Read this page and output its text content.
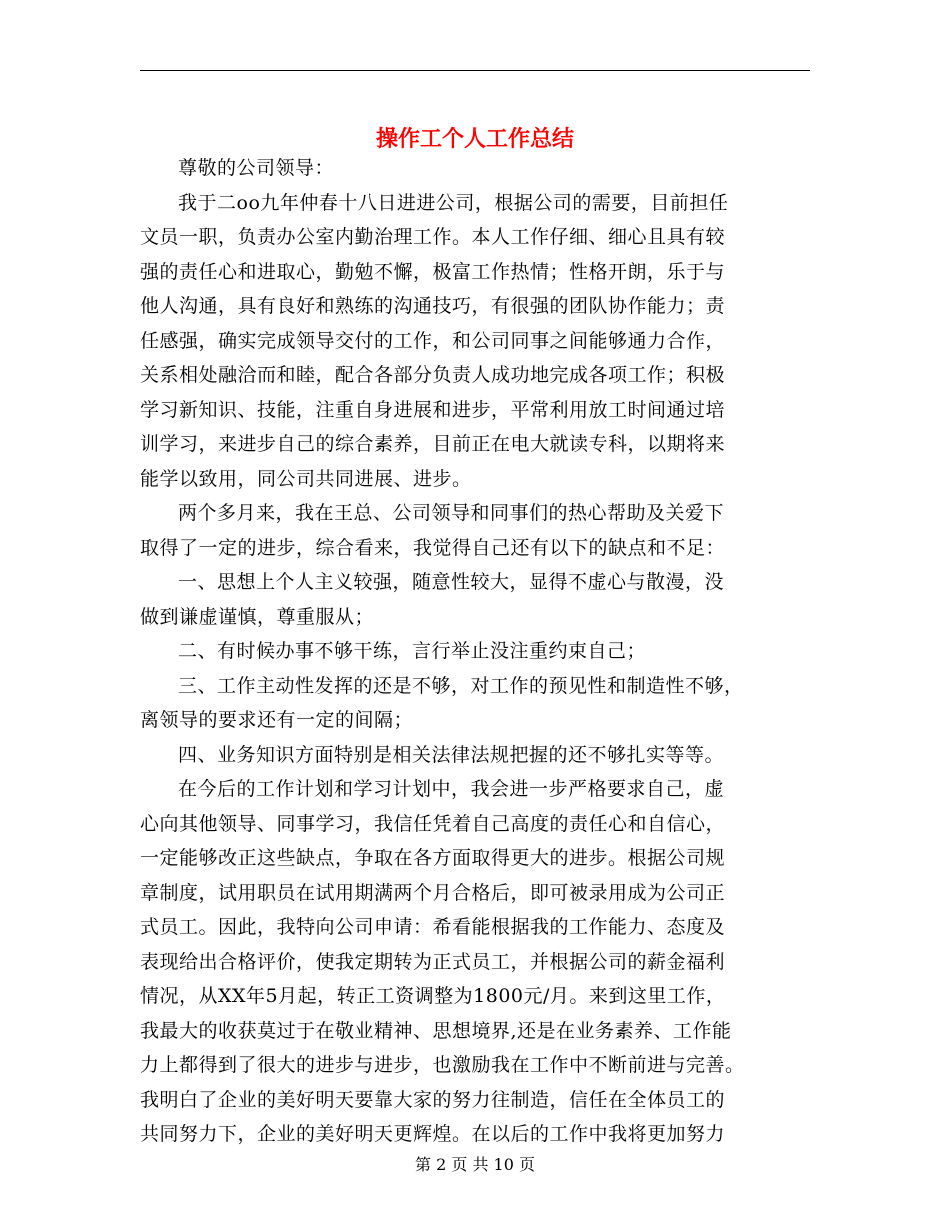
操作工个人工作总结

尊敬的公司领导：

我于二oo九年仲春十八日进进公司，根据公司的需要，目前担任
文员一职，负责办公室内勤治理工作。本人工作仔细、细心且具有较
强的责任心和进取心，勤勉不懈，极富工作热情；性格开朗，乐于与
他人沟通，具有良好和熟练的沟通技巧，有很强的团队协作能力；责
任感强，确实完成领导交付的工作，和公司同事之间能够通力合作，
关系相处融洽而和睦，配合各部分负责人成功地完成各项工作；积极
学习新知识、技能，注重自身进展和进步，平常利用放工时间通过培
训学习，来进步自己的综合素养，目前正在电大就读专科，以期将来
能学以致用，同公司共同进展、进步。

两个多月来，我在王总、公司领导和同事们的热心帮助及关爱下
取得了一定的进步，综合看来，我觉得自己还有以下的缺点和不足：

一、思想上个人主义较强，随意性较大，显得不虚心与散漫，没
做到谦虚谨慎，尊重服从；

二、有时候办事不够干练，言行举止没注重约束自己；

三、工作主动性发挥的还是不够，对工作的预见性和制造性不够，
离领导的要求还有一定的间隔；

四、业务知识方面特别是相关法律法规把握的还不够扎实等等。

在今后的工作计划和学习计划中，我会进一步严格要求自己，虚
心向其他领导、同事学习，我信任凭着自己高度的责任心和自信心，
一定能够改正这些缺点，争取在各方面取得更大的进步。根据公司规
章制度，试用职员在试用期满两个月合格后，即可被录用成为公司正
式员工。因此，我特向公司申请：希看能根据我的工作能力、态度及
表现给出合格评价，使我定期转为正式员工，并根据公司的薪金福利
情况，从XX年5月起，转正工资调整为1800元/月。来到这里工作，
我最大的收获莫过于在敬业精神、思想境界,还是在业务素养、工作能
力上都得到了很大的进步与进步，也激励我在工作中不断前进与完善。
我明白了企业的美好明天要靠大家的努力往制造，信任在全体员工的
共同努力下，企业的美好明天更辉煌。在以后的工作中我将更加努力

第 2 页 共 10 页
